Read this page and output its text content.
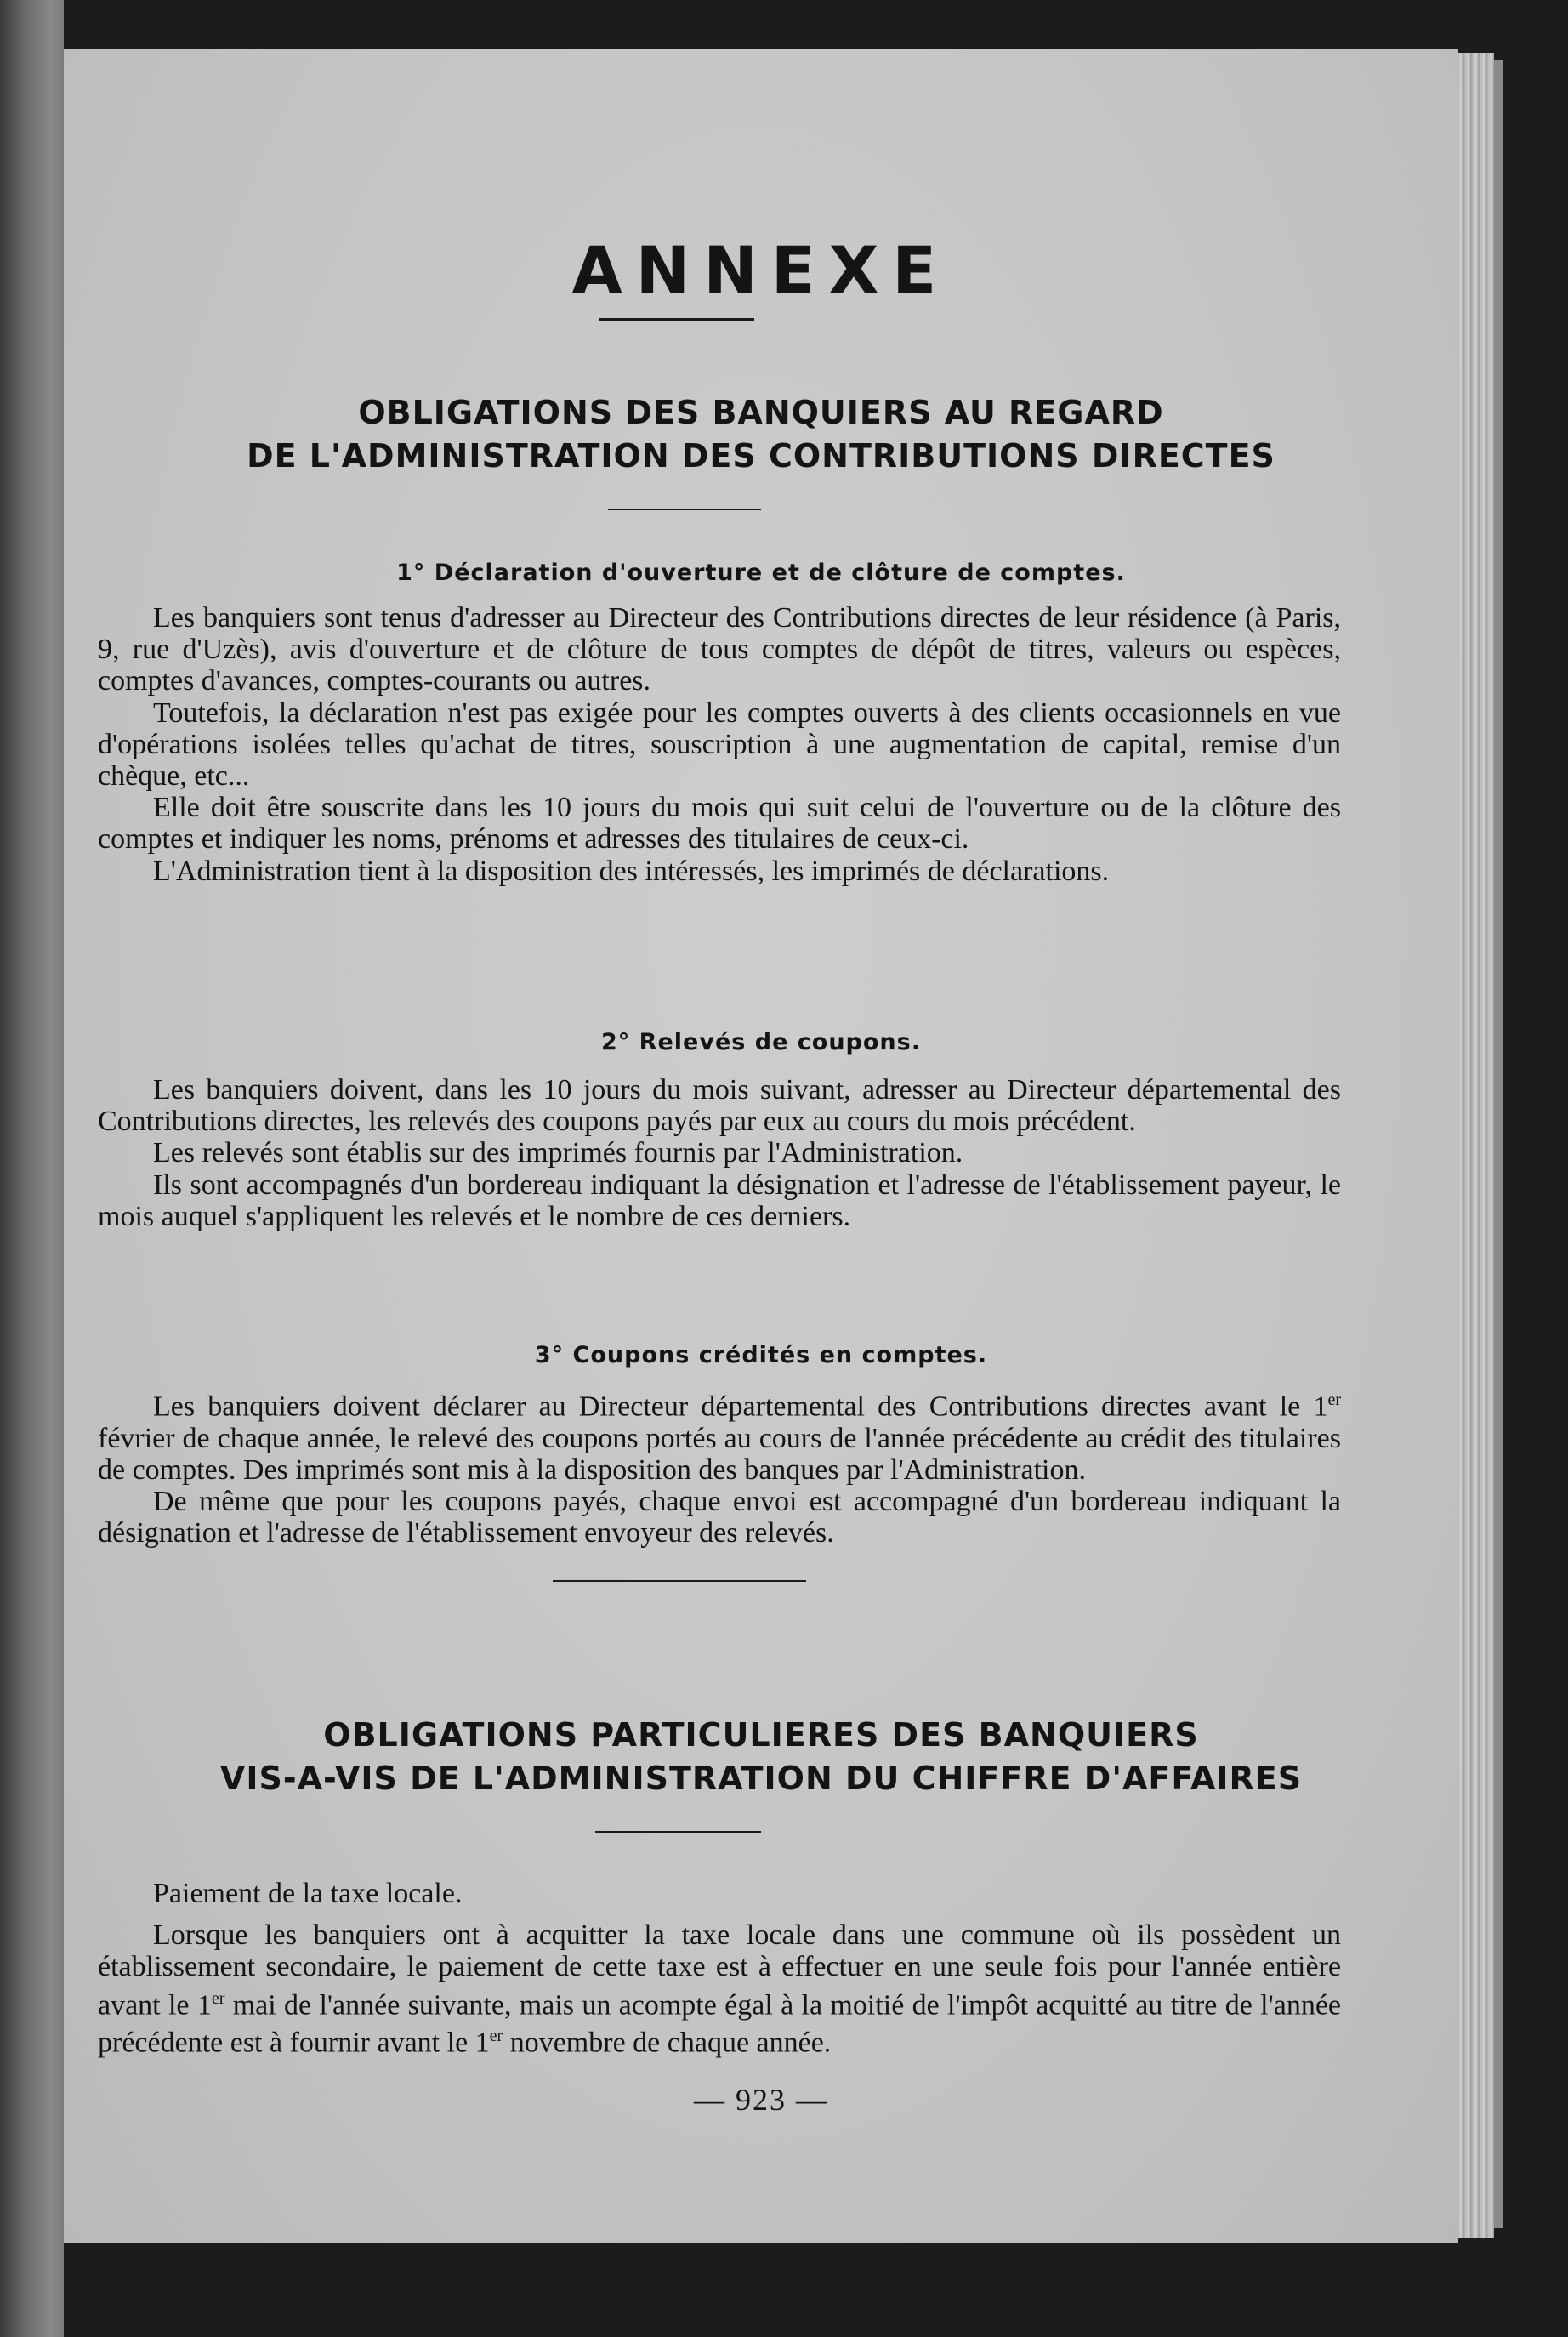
ANNEXE
OBLIGATIONS DES BANQUIERS AU REGARD
DE L'ADMINISTRATION DES CONTRIBUTIONS DIRECTES
1° Déclaration d'ouverture et de clôture de comptes.

Les banquiers sont tenus d'adresser au Directeur des Contributions directes de leur résidence (à Paris, 9, rue d'Uzès), avis d'ouverture et de clôture de tous comptes de dépôt de titres, valeurs ou espèces, comptes d'avances, comptes-courants ou autres.

Toutefois, la déclaration n'est pas exigée pour les comptes ouverts à des clients occasionnels en vue d'opérations isolées telles qu'achat de titres, souscription à une augmentation de capital, remise d'un chèque, etc...

Elle doit être souscrite dans les 10 jours du mois qui suit celui de l'ouverture ou de la clôture des comptes et indiquer les noms, prénoms et adresses des titulaires de ceux-ci.

L'Administration tient à la disposition des intéressés, les imprimés de déclarations.

2° Relevés de coupons.

Les banquiers doivent, dans les 10 jours du mois suivant, adresser au Directeur départemental des Contributions directes, les relevés des coupons payés par eux au cours du mois précédent.

Les relevés sont établis sur des imprimés fournis par l'Administration.

Ils sont accompagnés d'un bordereau indiquant la désignation et l'adresse de l'établissement payeur, le mois auquel s'appliquent les relevés et le nombre de ces derniers.

3° Coupons crédités en comptes.

Les banquiers doivent déclarer au Directeur départemental des Contributions directes avant le 1er février de chaque année, le relevé des coupons portés au cours de l'année précédente au crédit des titulaires de comptes. Des imprimés sont mis à la disposition des banques par l'Administration.

De même que pour les coupons payés, chaque envoi est accompagné d'un bordereau indiquant la désignation et l'adresse de l'établissement envoyeur des relevés.

OBLIGATIONS PARTICULIERES DES BANQUIERS
VIS-A-VIS DE L'ADMINISTRATION DU CHIFFRE D'AFFAIRES

Paiement de la taxe locale.

Lorsque les banquiers ont à acquitter la taxe locale dans une commune où ils possèdent un établissement secondaire, le paiement de cette taxe est à effectuer en une seule fois pour l'année entière avant le 1er mai de l'année suivante, mais un acompte égal à la moitié de l'impôt acquitté au titre de l'année précédente est à fournir avant le 1er novembre de chaque année.

— 923 —
